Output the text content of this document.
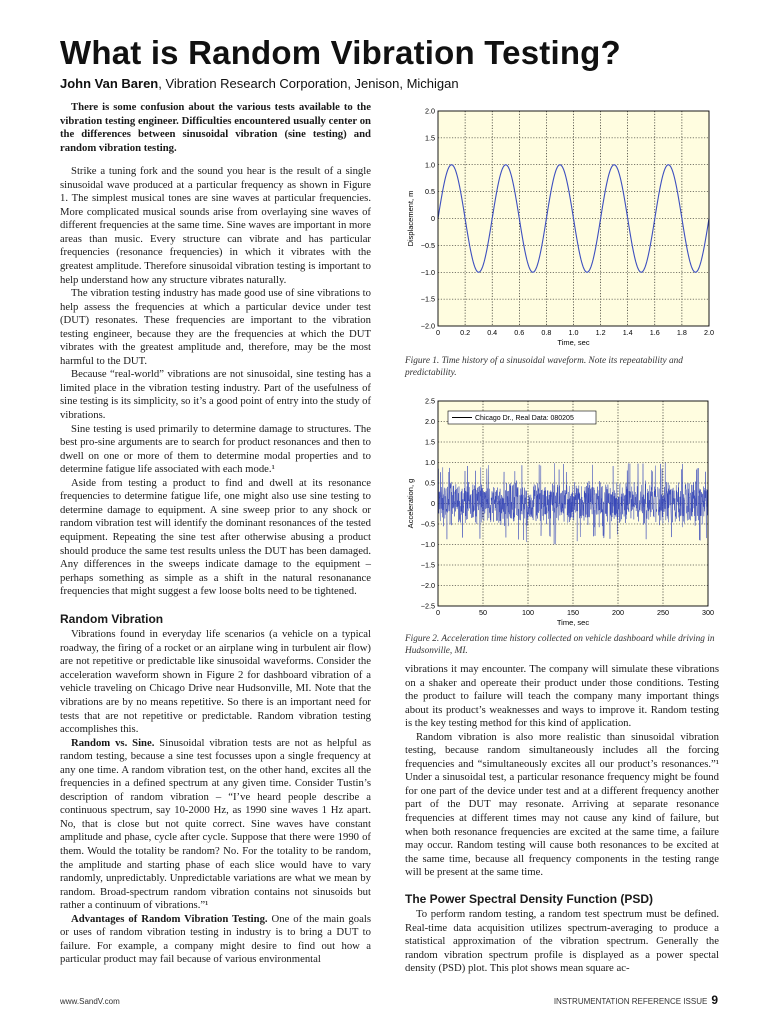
What is Random Vibration Testing?
John Van Baren, Vibration Research Corporation, Jenison, Michigan

There is some confusion about the various tests available to the vibration testing engineer. Difficulties encountered usually center on the differences between sinusoidal vibration (sine testing) and random vibration testing.

Strike a tuning fork and the sound you hear is the result of a single sinusoidal wave produced at a particular frequency as shown in Figure 1. The simplest musical tones are sine waves at particular frequencies. More complicated musical sounds arise from overlaying sine waves of different frequencies at the same time. Sine waves are important in more areas than music. Every structure can vibrate and has particular frequencies (resonance frequencies) in which it vibrates with the greatest amplitude. Therefore sinusoidal vibration testing is important to help understand how any structure vibrates naturally.

The vibration testing industry has made good use of sine vibrations to help assess the frequencies at which a particular device under test (DUT) resonates. These frequencies are important to the vibration testing engineer, because they are the frequencies at which the DUT vibrates with the greatest amplitude and, therefore, may be the most harmful to the DUT.

Because “real-world” vibrations are not sinusoidal, sine testing has a limited place in the vibration testing industry. Part of the usefulness of sine testing is its simplicity, so it’s a good point of entry into the study of vibrations.

Sine testing is used primarily to determine damage to structures. The best pro-sine arguments are to search for product resonances and then to dwell on one or more of them to determine modal properties and to determine fatigue life associated with each mode.¹

Aside from testing a product to find and dwell at its resonance frequencies to determine fatigue life, one might also use sine testing to determine damage to equipment. A sine sweep prior to any shock or random vibration test will identify the dominant resonances of the tested equipment. Repeating the sine test after otherwise abusing a product should produce the same test results unless the DUT has been damaged. Any differences in the sweeps indicate damage to the equipment – perhaps something as simple as a shift in the natural resonanance frequencies that might suggest a few loose bolts need to be tightened.

Random Vibration

Vibrations found in everyday life scenarios (a vehicle on a typical roadway, the firing of a rocket or an airplane wing in turbulent air flow) are not repetitive or predictable like sinusoidal waveforms. Consider the acceleration waveform shown in Figure 2 for dashboard vibration of a vehicle traveling on Chicago Drive near Hudsonville, MI. Note that the vibrations are by no means repetitive. So there is an important need for tests that are not repetitive or predictable. Random vibration testing accomplishes this.

Random vs. Sine. Sinusoidal vibration tests are not as helpful as random testing, because a sine test focusses upon a single frequency at any one time. A random vibration test, on the other hand, excites all the frequencies in a defined spectrum at any given time. Consider Tustin’s description of random vibration – “I’ve heard people describe a continuous spectrum, say 10-2000 Hz, as 1990 sine waves 1 Hz apart. No, that is close but not quite correct. Sine waves have constant amplitude and phase, cycle after cycle. Suppose that there were 1990 of them. Would the totality be random? No. For the totality to be random, the amplitude and starting phase of each slice would have to vary randomly, unpredictably. Unpredictable variations are what we mean by random. Broad-spectrum random vibration contains not sinusoids but rather a continuum of vibrations.”¹

Advantages of Random Vibration Testing. One of the main goals or uses of random vibration testing in industry is to bring a DUT to failure. For example, a company might desire to find out how a particular product may fail because of various environmental

0	0.2 0.4 0.6 0.8 1.0 1.2 1.4 1.6 1.8 2.0
−2.0
−1.5
−1.0
−0.5
0
0.5
1.0
1.5
2.0
Time, sec
Displacement, m
Figure 1. Time history of a sinusoidal waveform. Note its repeatability and predictability.
0	50	100	150	200	250	300
−2.5
−2.0
−1.5
−1.0
−0.5
0
0.5
1.0
1.5
2.0
2.5
Time, sec
Acceleration, g
Chicago Dr., Real Data: 080205
Figure 2. Acceleration time history collected on vehicle dashboard while driving in Hudsonville, MI.

vibrations it may encounter. The company will simulate these vibrations on a shaker and opereate their product under those conditions. Testing the product to failure will teach the company many important things about its product’s weaknesses and ways to improve it. Random testing is the key testing method for this kind of application.

Random vibration is also more realistic than sinusoidal vibration testing, because random simultaneously includes all the forcing frequencies and “simultaneously excites all our product’s resonances.”¹ Under a sinusoidal test, a particular resonance frequency might be found for one part of the device under test and at a different frequency another part of the DUT may resonate. Arriving at separate resonance frequencies at different times may not cause any kind of failure, but when both resonance frequencies are excited at the same time, a failure may occur. Random testing will cause both resonances to be excited at the same time, because all frequency components in the testing range will be present at the same time.

The Power Spectral Density Function (PSD)

To perform random testing, a random test spectrum must be defined. Real-time data acquisition utilizes spectrum-averaging to produce a statistical approximation of the vibration spectrum. Generally the random vibration spectrum profile is displayed as a power spectal density (PSD) plot. This plot shows mean square ac-

www.SandV.com	INSTRUMENTATION REFERENCE ISSUE 9
